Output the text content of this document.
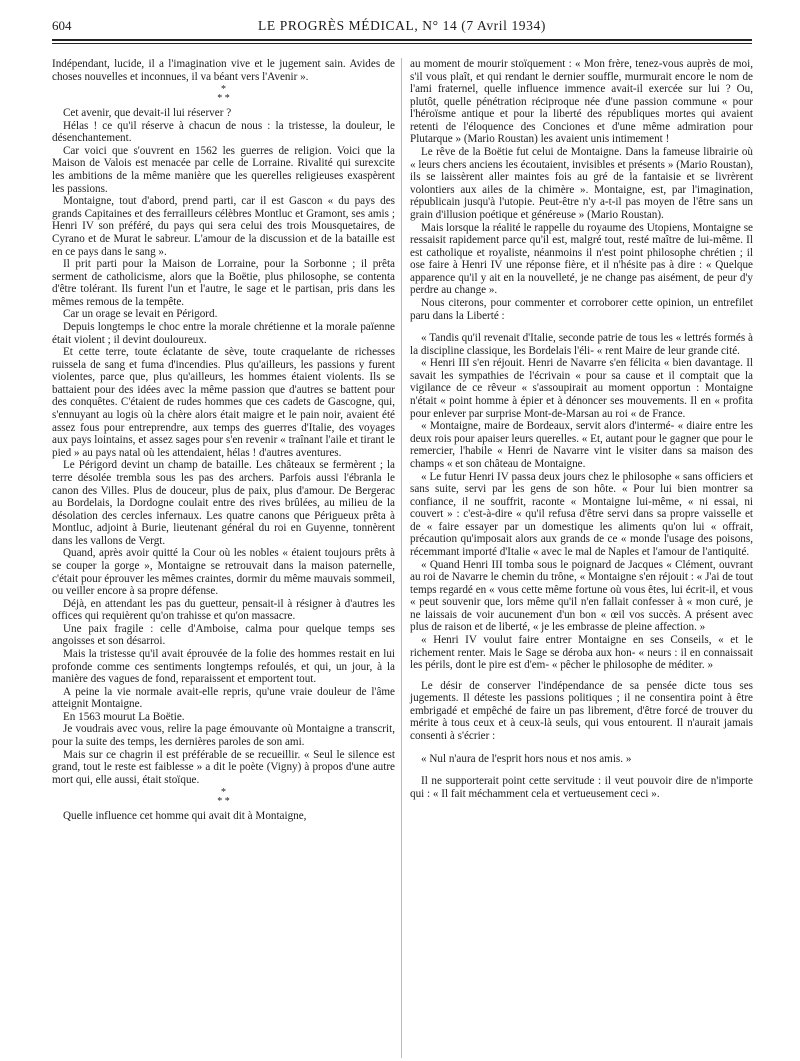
604	LE PROGRÈS MÉDICAL, N° 14 (7 Avril 1934)

Indépendant, lucide, il a l'imagination vive et le jugement sain. Avides de choses nouvelles et inconnues, il va béant vers l'Avenir ».

*
* *

Cet avenir, que devait-il lui réserver ?

Hélas ! ce qu'il réserve à chacun de nous : la tristesse, la douleur, le désenchantement.

Car voici que s'ouvrent en 1562 les guerres de religion. Voici que la Maison de Valois est menacée par celle de Lorraine. Rivalité qui surexcite les ambitions de la même manière que les querelles religieuses exaspèrent les passions.

Montaigne, tout d'abord, prend parti, car il est Gascon « du pays des grands Capitaines et des ferrailleurs célèbres Montluc et Gramont, ses amis ; Henri IV son préféré, du pays qui sera celui des trois Mousquetaires, de Cyrano et de Murat le sabreur. L'amour de la discussion et de la bataille est en ce pays dans le sang ».

Il prit parti pour la Maison de Lorraine, pour la Sorbonne ; il prêta serment de catholicisme, alors que la Boëtie, plus philosophe, se contenta d'être tolérant. Ils furent l'un et l'autre, le sage et le partisan, pris dans les mêmes remous de la tempête.

Car un orage se levait en Périgord.

Depuis longtemps le choc entre la morale chrétienne et la morale païenne était violent ; il devint douloureux.

Et cette terre, toute éclatante de sève, toute craquelante de richesses ruissela de sang et fuma d'incendies. Plus qu'ailleurs, les passions y furent violentes, parce que, plus qu'ailleurs, les hommes étaient violents. Ils se battaient pour des idées avec la même passion que d'autres se battent pour des conquêtes. C'étaient de rudes hommes que ces cadets de Gascogne, qui, s'ennuyant au logis où la chère alors était maigre et le pain noir, avaient été assez fous pour entreprendre, aux temps des guerres d'Italie, des voyages aux pays lointains, et assez sages pour s'en revenir « traînant l'aile et tirant le pied » au pays natal où les attendaient, hélas ! d'autres aventures.

Le Périgord devint un champ de bataille. Les châteaux se fermèrent ; la terre désolée trembla sous les pas des archers. Parfois aussi l'ébranla le canon des Villes. Plus de douceur, plus de paix, plus d'amour. De Bergerac au Bordelais, la Dordogne coulait entre des rives brûlées, au milieu de la désolation des cercles infernaux. Les quatre canons que Périgueux prêta à Montluc, adjoint à Burie, lieutenant général du roi en Guyenne, tonnèrent dans les vallons de Vergt.

Quand, après avoir quitté la Cour où les nobles « étaient toujours prêts à se couper la gorge », Montaigne se retrouvait dans la maison paternelle, c'était pour éprouver les mêmes craintes, dormir du même mauvais sommeil, ou veiller encore à sa propre défense.

Déjà, en attendant les pas du guetteur, pensait-il à résigner à d'autres les offices qui requièrent qu'on trahisse et qu'on massacre.

Une paix fragile : celle d'Amboise, calma pour quelque temps ses angoisses et son désarroi.

Mais la tristesse qu'il avait éprouvée de la folie des hommes restait en lui profonde comme ces sentiments longtemps refoulés, et qui, un jour, à la manière des vagues de fond, reparaissent et emportent tout.

A peine la vie normale avait-elle repris, qu'une vraie douleur de l'âme atteignit Montaigne.

En 1563 mourut La Boëtie.

Je voudrais avec vous, relire la page émouvante où Montaigne a transcrit, pour la suite des temps, les dernières paroles de son ami.

Mais sur ce chagrin il est préférable de se recueillir. « Seul le silence est grand, tout le reste est faiblesse » a dit le poète (Vigny) à propos d'une autre mort qui, elle aussi, était stoïque.

*
* *

Quelle influence cet homme qui avait dit à Montaigne,

au moment de mourir stoïquement : « Mon frère, tenez-vous auprès de moi, s'il vous plaît, et qui rendant le dernier souffle, murmurait encore le nom de l'ami fraternel, quelle influence immence avait-il exercée sur lui ? Ou, plutôt, quelle pénétration réciproque née d'une passion commune « pour l'héroïsme antique et pour la liberté des républiques mortes qui avaient retenti de l'éloquence des Conciones et d'une même admiration pour Plutarque » (Mario Roustan) les avaient unis intimement !

Le rêve de la Boëtie fut celui de Montaigne. Dans la fameuse librairie où « leurs chers anciens les écoutaient, invisibles et présents » (Mario Roustan), ils se laissèrent aller maintes fois au gré de la fantaisie et se livrèrent volontiers aux ailes de la chimère ». Montaigne, est, par l'imagination, républicain jusqu'à l'utopie. Peut-être n'y a-t-il pas moyen de l'être sans un grain d'illusion poétique et généreuse » (Mario Roustan).

Mais lorsque la réalité le rappelle du royaume des Utopiens, Montaigne se ressaisit rapidement parce qu'il est, malgré tout, resté maître de lui-même. Il est catholique et royaliste, néanmoins il n'est point philosophe chrétien ; il ose faire à Henri IV une réponse fière, et il n'hésite pas à dire : « Quelque apparence qu'il y ait en la nouvelleté, je ne change pas aisément, de peur d'y perdre au change ».

Nous citerons, pour commenter et corroborer cette opinion, un entrefilet paru dans la Liberté :

« Tandis qu'il revenait d'Italie, seconde patrie de tous les « lettrés formés à la discipline classique, les Bordelais l'éli- « rent Maire de leur grande cité.

« Henri III s'en réjouit. Henri de Navarre s'en félicita « bien davantage. Il savait les sympathies de l'écrivain « pour sa cause et il comptait que la vigilance de ce rêveur « s'assoupirait au moment opportun : Montaigne n'était « point homme à épier et à dénoncer ses mouvements. Il en « profita pour enlever par surprise Mont-de-Marsan au roi « de France.

« Montaigne, maire de Bordeaux, servit alors d'intermé- « diaire entre les deux rois pour apaiser leurs querelles. « Et, autant pour le gagner que pour le remercier, l'habile « Henri de Navarre vint le visiter dans sa maison des champs « et son château de Montaigne.

« Le futur Henri IV passa deux jours chez le philosophe « sans officiers et sans suite, servi par les gens de son hôte. « Pour lui bien montrer sa confiance, il ne souffrit, raconte « Montaigne lui-même, « ni essai, ni couvert » : c'est-à-dire « qu'il refusa d'être servi dans sa propre vaisselle et de « faire essayer par un domestique les aliments qu'on lui « offrait, précaution qu'imposait alors aux grands de ce « monde l'usage des poisons, récemmant importé d'Italie « avec le mal de Naples et l'amour de l'antiquité.

« Quand Henri III tomba sous le poignard de Jacques « Clément, ouvrant au roi de Navarre le chemin du trône, « Montaigne s'en réjouit : « J'ai de tout temps regardé en « vous cette même fortune où vous êtes, lui écrit-il, et vous « peut souvenir que, lors même qu'il n'en fallait confesser à « mon curé, je ne laissais de voir aucunement d'un bon « œil vos succès. A présent avec plus de raison et de liberté, « je les embrasse de pleine affection. »

« Henri IV voulut faire entrer Montaigne en ses Conseils, « et le richement renter. Mais le Sage se déroba aux hon- « neurs : il en connaissait les périls, dont le pire est d'em- « pêcher le philosophe de méditer. »

Le désir de conserver l'indépendance de sa pensée dicte tous ses jugements. Il déteste les passions politiques ; il ne consentira point à être embrigadé et empêché de faire un pas librement, d'être forcé de trouver du mérite à tous ceux et à ceux-là seuls, qui vous entourent. Il n'aurait jamais consenti à s'écrier :

« Nul n'aura de l'esprit hors nous et nos amis. »

Il ne supporterait point cette servitude : il veut pouvoir dire de n'importe qui : « Il fait méchamment cela et vertueusement ceci ».
